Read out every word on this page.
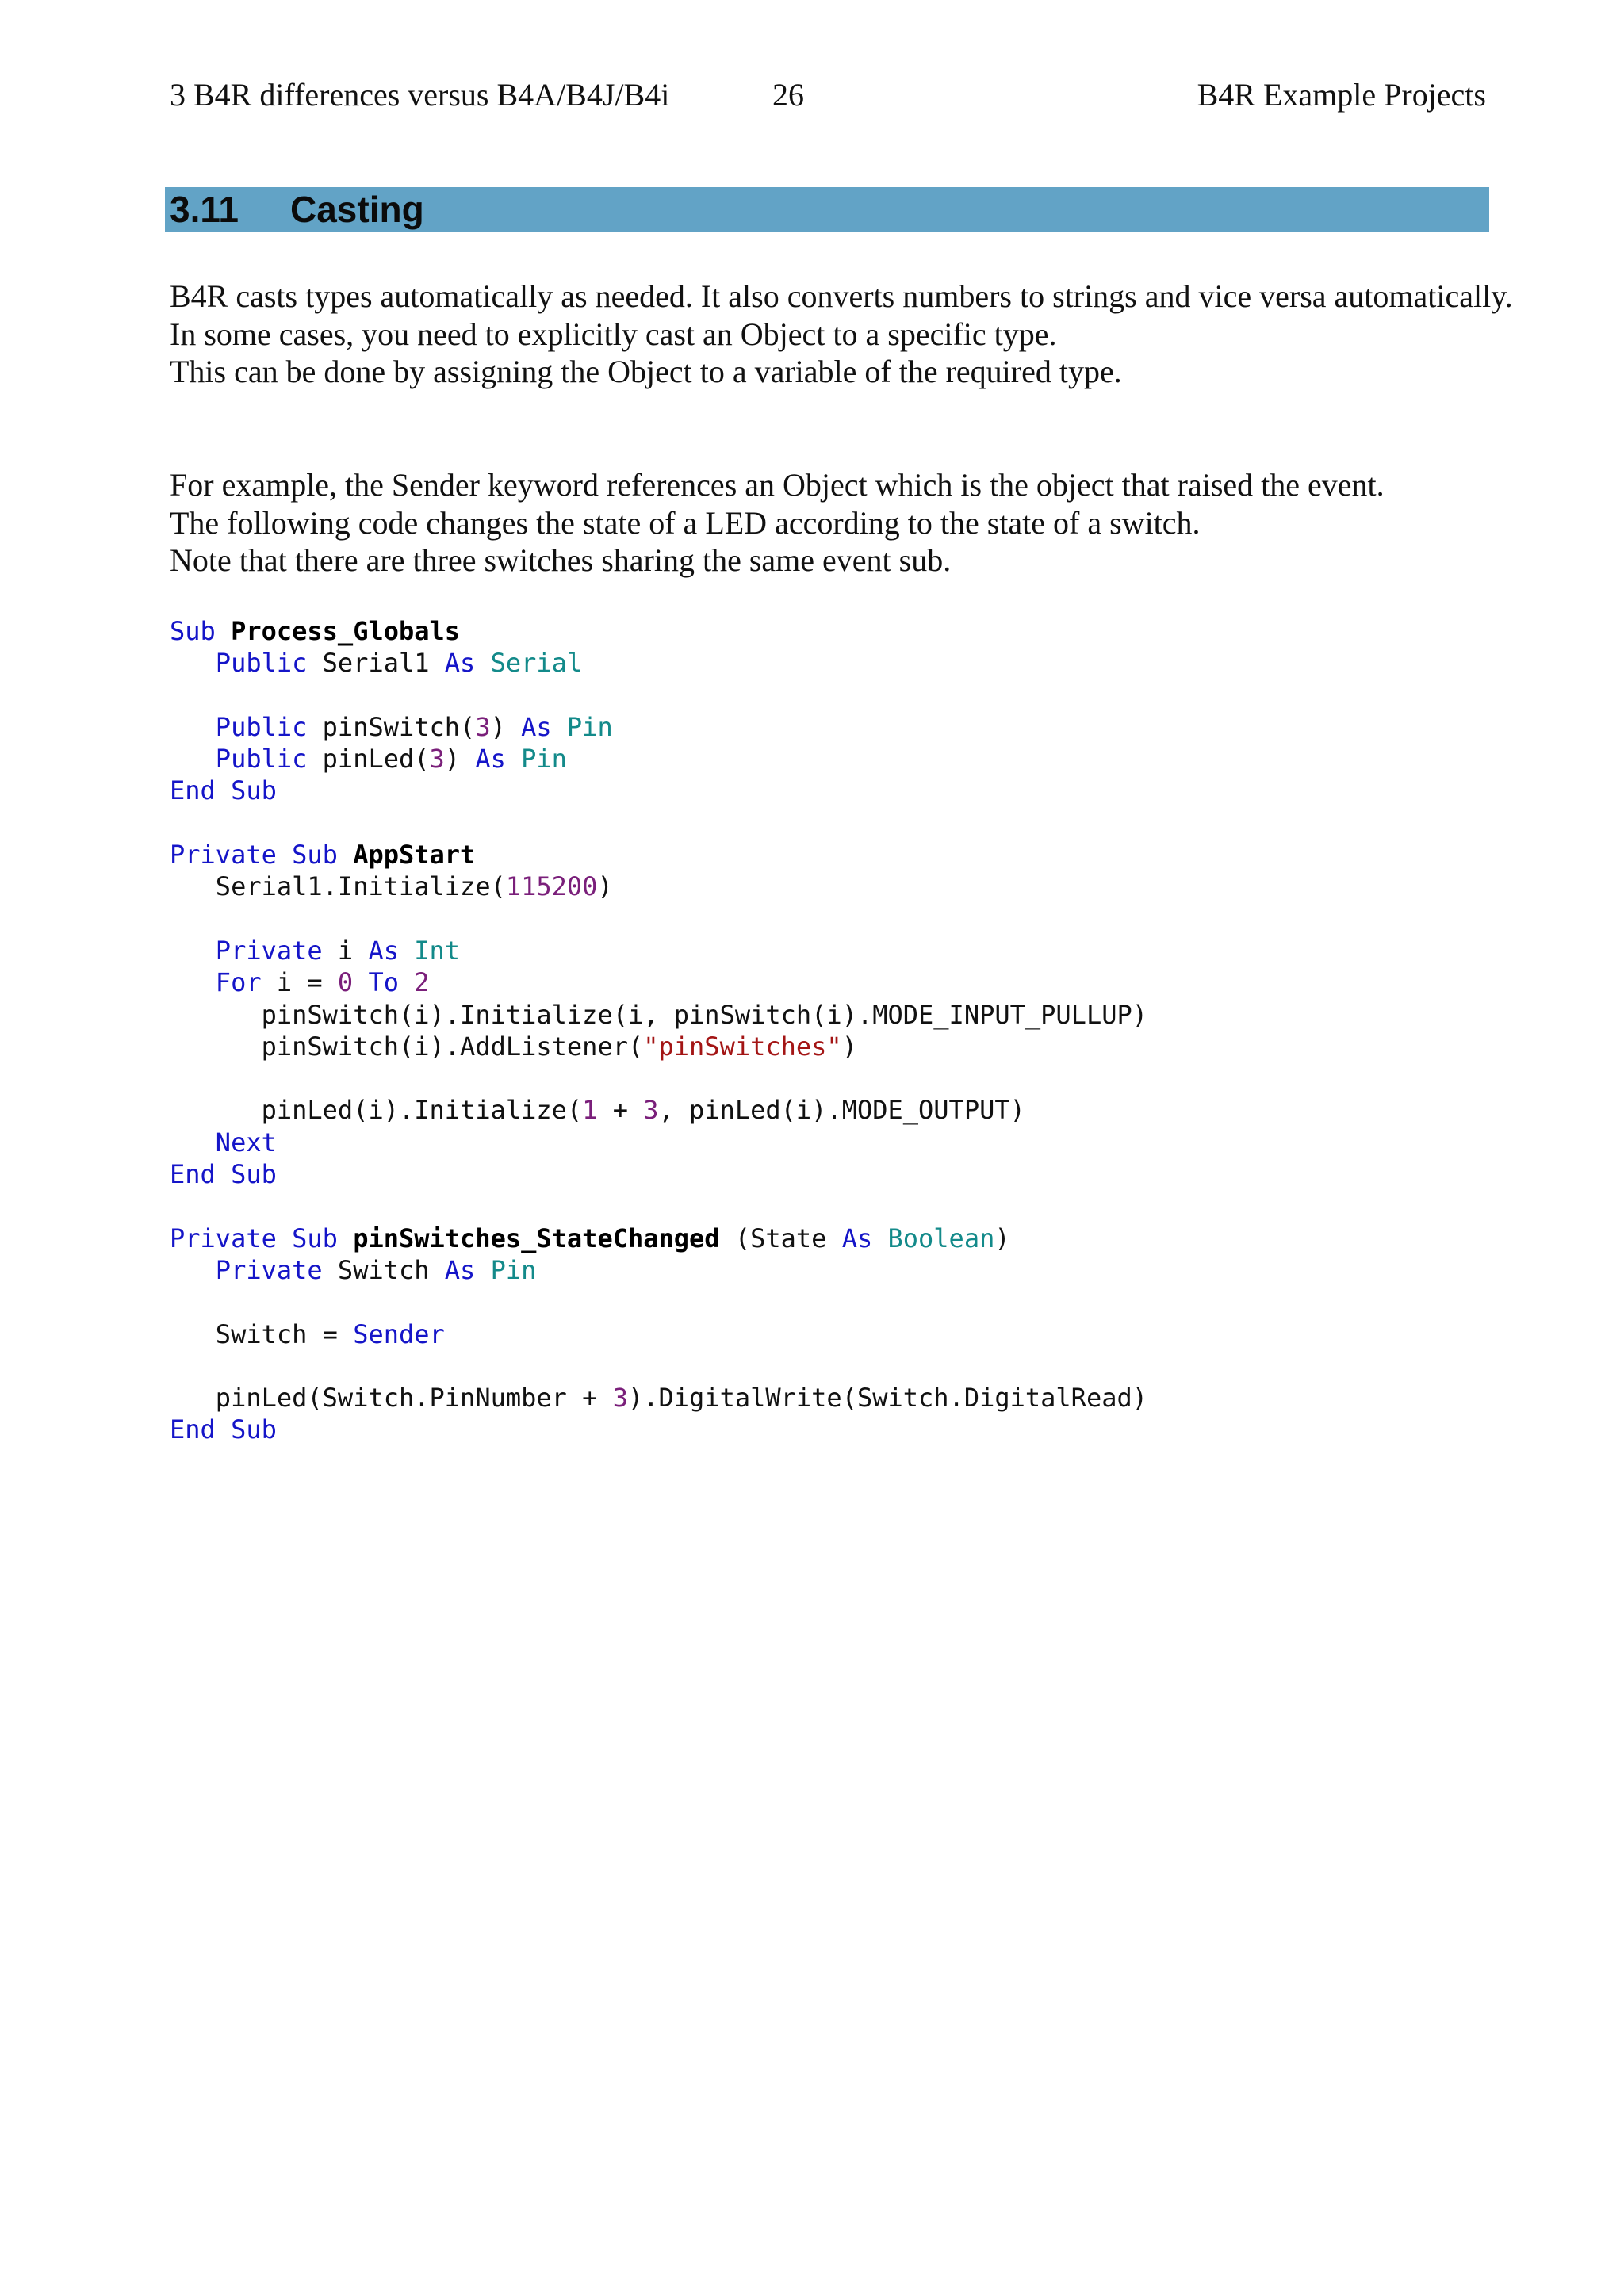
3 B4R differences versus B4A/B4J/B4i	26	B4R Example Projects
3.11 Casting

B4R casts types automatically as needed. It also converts numbers to strings and vice versa automatically.

In some cases, you need to explicitly cast an Object to a specific type.

This can be done by assigning the Object to a variable of the required type.

For example, the Sender keyword references an Object which is the object that raised the event.

The following code changes the state of a LED according to the state of a switch.

Note that there are three switches sharing the same event sub.

Sub Process_Globals
Public Serial1 As Serial
Public pinSwitch(3) As Pin
Public pinLed(3) As Pin
End Sub
Private Sub AppStart
Serial1.Initialize(115200)
Private i As Int
For i = 0 To 2
pinSwitch(i).Initialize(i, pinSwitch(i).MODE_INPUT_PULLUP)
pinSwitch(i).AddListener("pinSwitches")
pinLed(i).Initialize(1 + 3, pinLed(i).MODE_OUTPUT)
Next
End Sub
Private Sub pinSwitches_StateChanged (State As Boolean)
Private Switch As Pin
Switch = Sender
pinLed(Switch.PinNumber + 3).DigitalWrite(Switch.DigitalRead)
End Sub
